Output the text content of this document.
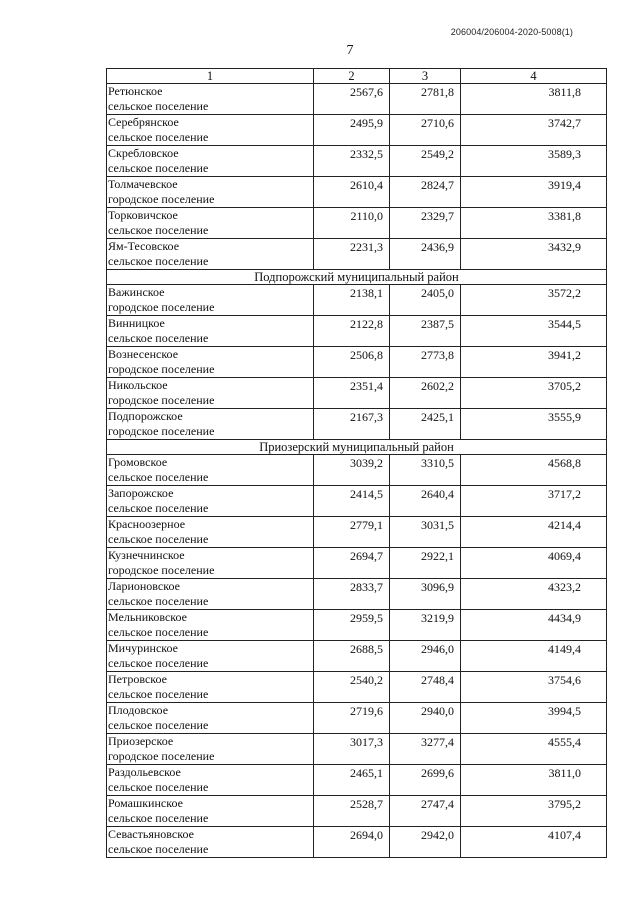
206004/206004-2020-5008(1)
7
1	2	3	4

Ретюнское
сельское поселение	2567,6	2781,8	3811,8

Серебрянское
сельское поселение	2495,9	2710,6	3742,7

Скребловское
сельское поселение	2332,5	2549,2	3589,3

Толмачевское
городское поселение	2610,4	2824,7	3919,4

Торковичское
сельское поселение	2110,0	2329,7	3381,8

Ям-Тесовское
сельское поселение	2231,3	2436,9	3432,9
Подпорожский муниципальный район			

Важинское
городское поселение	2138,1	2405,0	3572,2

Винницкое
сельское поселение	2122,8	2387,5	3544,5

Вознесенское
городское поселение	2506,8	2773,8	3941,2

Никольское
городское поселение	2351,4	2602,2	3705,2

Подпорожское
городское поселение	2167,3	2425,1	3555,9
Приозерский муниципальный район			

Громовское
сельское поселение	3039,2	3310,5	4568,8

Запорожское
сельское поселение	2414,5	2640,4	3717,2

Красноозерное
сельское поселение	2779,1	3031,5	4214,4

Кузнечнинское
городское поселение	2694,7	2922,1	4069,4

Ларионовское
сельское поселение	2833,7	3096,9	4323,2

Мельниковское
сельское поселение	2959,5	3219,9	4434,9

Мичуринское
сельское поселение	2688,5	2946,0	4149,4

Петровское
сельское поселение	2540,2	2748,4	3754,6

Плодовское
сельское поселение	2719,6	2940,0	3994,5

Приозерское
городское поселение	3017,3	3277,4	4555,4

Раздольевское
сельское поселение	2465,1	2699,6	3811,0

Ромашкинское
сельское поселение	2528,7	2747,4	3795,2

Севастьяновское
сельское поселение	2694,0	2942,0	4107,4
